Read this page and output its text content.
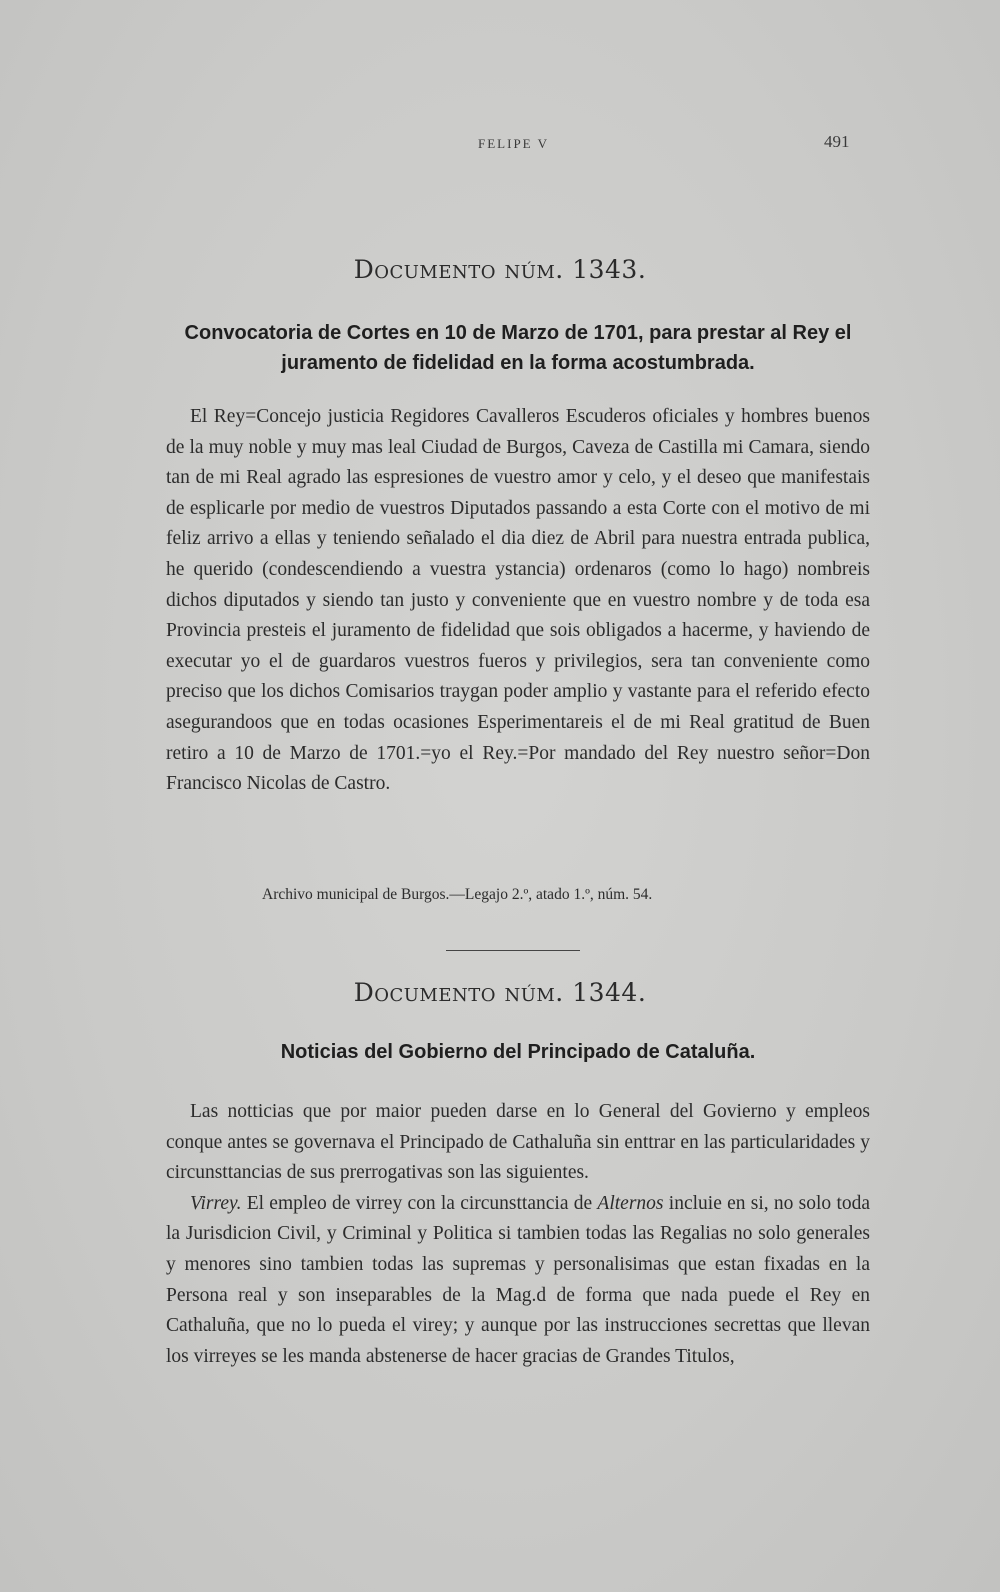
FELIPE V	491
Documento núm. 1343.
Convocatoria de Cortes en 10 de Marzo de 1701, para prestar al Rey el juramento de fidelidad en la forma acostumbrada.

El Rey=Concejo justicia Regidores Cavalleros Escuderos oficiales y hombres buenos de la muy noble y muy mas leal Ciudad de Burgos, Caveza de Castilla mi Camara, siendo tan de mi Real agrado las espresiones de vuestro amor y celo, y el deseo que manifestais de esplicarle por medio de vuestros Diputados passando a esta Corte con el motivo de mi feliz arrivo a ellas y teniendo señalado el dia diez de Abril para nuestra entrada publica, he querido (condescendiendo a vuestra ystancia) ordenaros (como lo hago) nombreis dichos diputados y siendo tan justo y conveniente que en vuestro nombre y de toda esa Provincia presteis el juramento de fidelidad que sois obligados a hacerme, y haviendo de executar yo el de guardaros vuestros fueros y privilegios, sera tan conveniente como preciso que los dichos Comisarios traygan poder amplio y vastante para el referido efecto asegurandoos que en todas ocasiones Esperimentareis el de mi Real gratitud de Buen retiro a 10 de Marzo de 1701.=yo el Rey.=Por mandado del Rey nuestro señor=Don Francisco Nicolas de Castro.

Archivo municipal de Burgos.—Legajo 2.º, atado 1.º, núm. 54.
Documento núm. 1344.
Noticias del Gobierno del Principado de Cataluña.

Las notticias que por maior pueden darse en lo General del Govierno y empleos conque antes se governava el Principado de Cathaluña sin enttrar en las particularidades y circunsttancias de sus prerrogativas son las siguientes.

Virrey. El empleo de virrey con la circunsttancia de Alternos incluie en si, no solo toda la Jurisdicion Civil, y Criminal y Politica si tambien todas las Regalias no solo generales y menores sino tambien todas las supremas y personalisimas que estan fixadas en la Persona real y son inseparables de la Mag.d de forma que nada puede el Rey en Cathaluña, que no lo pueda el virey; y aunque por las instrucciones secrettas que llevan los virreyes se les manda abstenerse de hacer gracias de Grandes Titulos,
